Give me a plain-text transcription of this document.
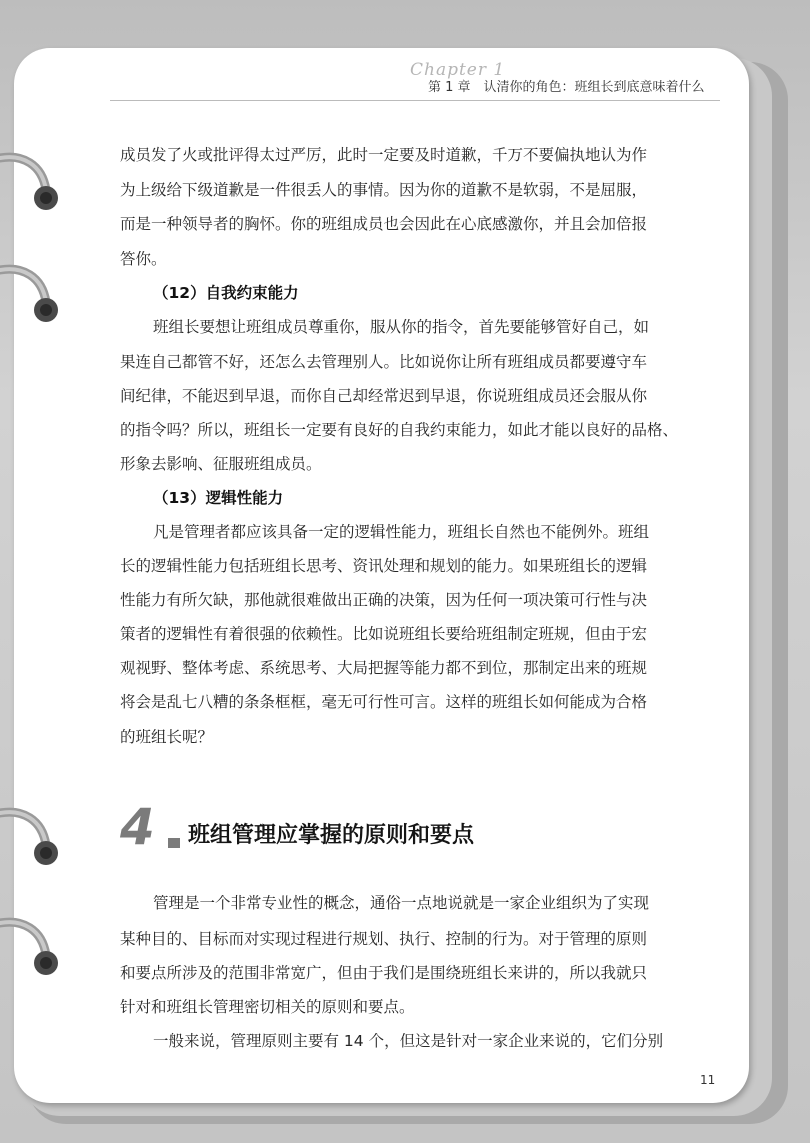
Chapter 1
第 1 章　认清你的角色：班组长到底意味着什么
成员发了火或批评得太过严厉，此时一定要及时道歉，千万不要偏执地认为作
为上级给下级道歉是一件很丢人的事情。因为你的道歉不是软弱，不是屈服，
而是一种领导者的胸怀。你的班组成员也会因此在心底感激你，并且会加倍报
答你。
（12）自我约束能力
班组长要想让班组成员尊重你，服从你的指令，首先要能够管好自己，如
果连自己都管不好，还怎么去管理别人。比如说你让所有班组成员都要遵守车
间纪律，不能迟到早退，而你自己却经常迟到早退，你说班组成员还会服从你
的指令吗？所以，班组长一定要有良好的自我约束能力，如此才能以良好的品格、
形象去影响、征服班组成员。
（13）逻辑性能力
凡是管理者都应该具备一定的逻辑性能力，班组长自然也不能例外。班组
长的逻辑性能力包括班组长思考、资讯处理和规划的能力。如果班组长的逻辑
性能力有所欠缺，那他就很难做出正确的决策，因为任何一项决策可行性与决
策者的逻辑性有着很强的依赖性。比如说班组长要给班组制定班规，但由于宏
观视野、整体考虑、系统思考、大局把握等能力都不到位，那制定出来的班规
将会是乱七八糟的条条框框，毫无可行性可言。这样的班组长如何能成为合格
的班组长呢？
4 班组管理应掌握的原则和要点
管理是一个非常专业性的概念，通俗一点地说就是一家企业组织为了实现
某种目的、目标而对实现过程进行规划、执行、控制的行为。对于管理的原则
和要点所涉及的范围非常宽广，但由于我们是围绕班组长来讲的，所以我就只
针对和班组长管理密切相关的原则和要点。
一般来说，管理原则主要有 14 个，但这是针对一家企业来说的，它们分别
11
